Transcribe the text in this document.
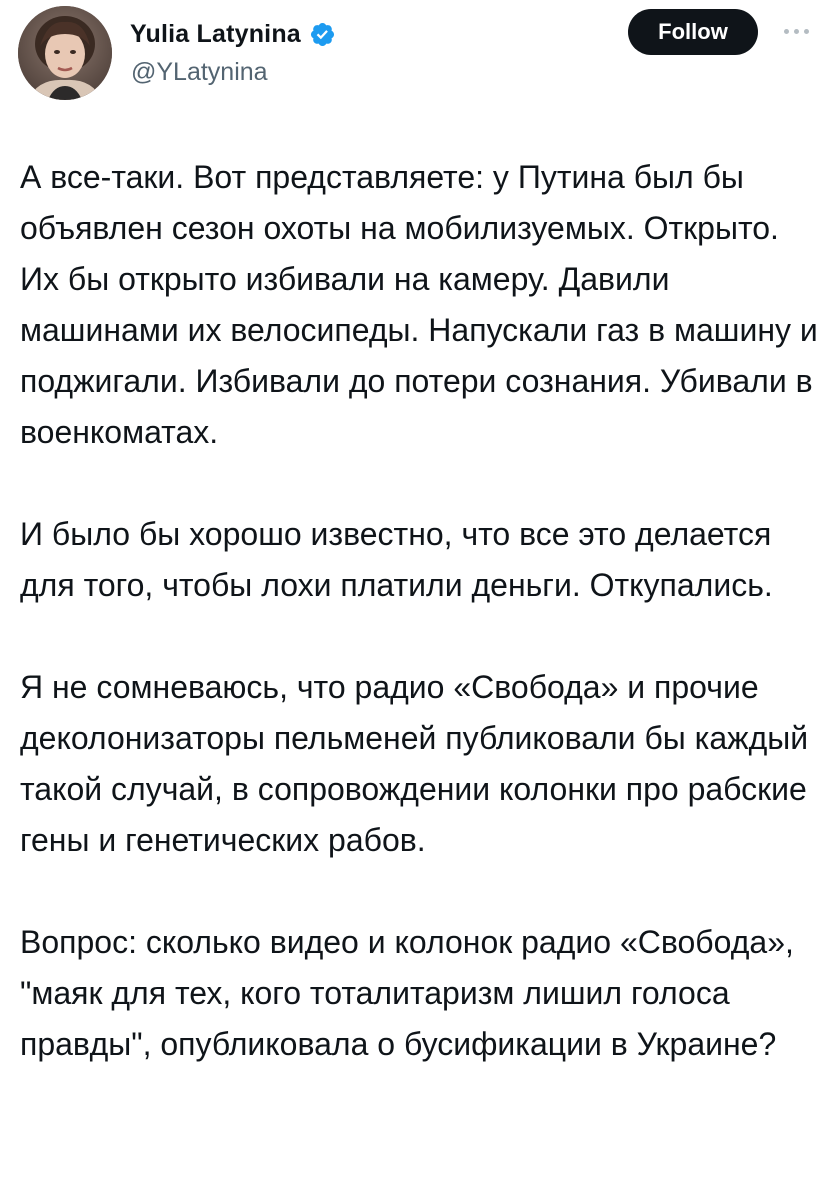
Yulia Latynina
@YLatynina
Follow

А все-таки. Вот представляете: у Путина был бы объявлен сезон охоты на мобилизуемых. Открыто. Их бы открыто избивали на камеру. Давили машинами их велосипеды. Напускали газ в машину и поджигали. Избивали до потери сознания. Убивали в военкоматах.

И было бы хорошо известно, что все это делается для того, чтобы лохи платили деньги. Откупались.

Я не сомневаюсь, что радио «Свобода» и прочие деколонизаторы пельменей публиковали бы каждый такой случай, в сопровождении колонки про рабские гены и генетических рабов.

Вопрос: сколько видео и колонок радио «Свобода», "маяк для тех, кого тоталитаризм лишил голоса правды", опубликовала о бусификации в Украине?
